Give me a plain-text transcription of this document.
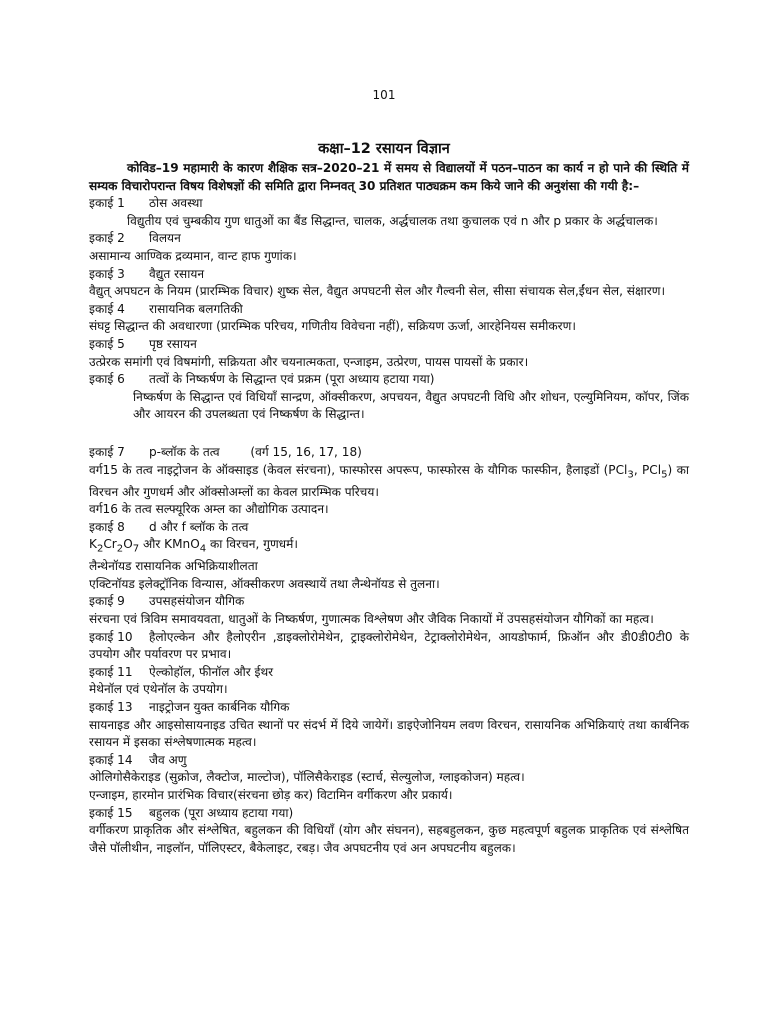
101
कक्षा–12 रसायन विज्ञान

कोविड–19 महामारी के कारण शैक्षिक सत्र–2020–21 में समय से विद्यालयों में पठन–पाठन का कार्य न हो पाने की स्थिति में सम्यक विचारोपरान्त विषय विशेषज्ञों की समिति द्वारा निम्नवत् 30 प्रतिशत पाठ्यक्रम कम किये जाने की अनुशंसा की गयी है:–

इकाई 1 ठोस अवस्था

विद्युतीय एवं चुम्बकीय गुण धातुओं का बैंड सिद्धान्त, चालक, अर्द्धचालक तथा कुचालक एवं n और p प्रकार के अर्द्धचालक।

इकाई 2 विलयन

असामान्य आण्विक द्रव्यमान, वान्ट हाफ गुणांक।

इकाई 3 वैद्युत रसायन

वैद्युत् अपघटन के नियम (प्रारम्भिक विचार) शुष्क सेल, वैद्युत अपघटनी सेल और गैल्वनी सेल, सीसा संचायक सेल,ईंधन सेल, संक्षारण।

इकाई 4 रासायनिक बलगतिकी

संघट्ट सिद्धान्त की अवधारणा (प्रारम्भिक परिचय, गणितीय विवेचना नहीं), सक्रियण ऊर्जा, आरहेनियस समीकरण।

इकाई 5 पृष्ठ रसायन

उत्प्रेरक समांगी एवं विषमांगी, सक्रियता और चयनात्मकता, एन्जाइम, उत्प्रेरण, पायस पायसों के प्रकार।

इकाई 6 तत्वों के निष्कर्षण के सिद्धान्त एवं प्रक्रम (पूरा अध्याय हटाया गया)

निष्कर्षण के सिद्धान्त एवं विधियाँ सान्द्रण, ऑक्सीकरण, अपचयन, वैद्युत अपघटनी विधि और शोधन, एल्युमिनियम, कॉपर, जिंक और आयरन की उपलब्धता एवं निष्कर्षण के सिद्धान्त।

इकाई 7 p-ब्लॉक के तत्व	(वर्ग 15, 16, 17, 18)

वर्ग15 के तत्व नाइट्रोजन के ऑक्साइड (केवल संरचना), फास्फोरस अपरूप, फास्फोरस के यौगिक फास्फीन, हैलाइडों (PCl$_3$, PCl$_5$) का विरचन और गुणधर्म और ऑक्सोअम्लों का केवल प्रारम्भिक परिचय।

वर्ग16 के तत्व सल्फ्यूरिक अम्ल का औद्योगिक उत्पादन।

इकाई 8 d और f ब्लॉक के तत्व

$K_2Cr_2O_7$ और KMnO$_4$ का विरचन, गुणधर्म।

लैन्थेनॉयड रासायनिक अभिक्रियाशीलता

एक्टिनॉयड इलेक्ट्रॉनिक विन्यास, ऑक्सीकरण अवस्थायें तथा लैन्थेनॉयड से तुलना।

इकाई 9 उपसहसंयोजन यौगिक

संरचना एवं त्रिविम समावयवता, धातुओं के निष्कर्षण, गुणात्मक विश्लेषण और जैविक निकायों में उपसहसंयोजन यौगिकों का महत्व।

इकाई 10 हैलोएल्केन और हैलोएरीन ,डाइक्लोरोमेथेन, ट्राइक्लोरोमेथेन, टेट्राक्लोरोमेथेन, आयडोफार्म, फ्रिऑन और डी0डी0टी0 के उपयोग और पर्यावरण पर प्रभाव।

इकाई 11 ऐल्कोहॉल, फीनॉल और ईथर

मेथेनॉल एवं एथेनॉल के उपयोग।

इकाई 13 नाइट्रोजन युक्त कार्बनिक यौगिक

सायनाइड और आइसोसायनाइड उचित स्थानों पर संदर्भ में दिये जायेगें। डाइऐजोनियम लवण विरचन, रासायनिक अभिक्रियाएं तथा कार्बनिक रसायन में इसका संश्लेषणात्मक महत्व।

इकाई 14 जैव अणु

ओलिगोसैकेराइड (सुक्रोज, लैक्टोज, माल्टोज), पॉलिसैकेराइड (स्टार्च, सेल्युलोज, ग्लाइकोजन) महत्व।

एन्जाइम, हारमोन प्रारंभिक विचार(संरचना छोड़ कर) विटामिन वर्गीकरण और प्रकार्य।

इकाई 15 बहुलक (पूरा अध्याय हटाया गया)

वर्गीकरण प्राकृतिक और संश्लेषित, बहुलकन की विधियाँ (योग और संघनन), सहबहुलकन, कुछ महत्वपूर्ण बहुलक प्राकृतिक एवं संश्लेषित जैसे पॉलीथीन, नाइलॉन, पॉलिएस्टर, बैकेलाइट, रबड़। जैव अपघटनीय एवं अन अपघटनीय बहुलक।
